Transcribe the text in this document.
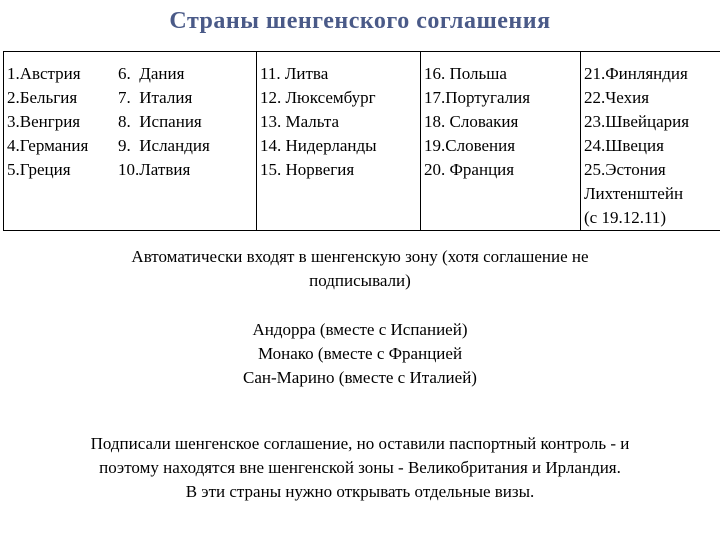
Страны шенгенского соглашения
1.Австрия
2.Бельгия
3.Венгрия
4.Германия
5.Греция

6.  Дания
7.  Италия
8.  Испания
9.  Исландия
10.Латвия

11. Литва
12. Люксембург
13. Мальта
14. Нидерланды
15. Норвегия

16. Польша
17.Португалия
18. Словакия
19.Словения
20. Франция

21.Финляндия
22.Чехия
23.Швейцария
24.Швеция
25.Эстония
Лихтенштейн
(с 19.12.11)
Автоматически входят в шенгенскую зону (хотя соглашение не подписывали)
Андорра (вместе с Испанией)
Монако (вместе с Францией
Сан-Марино (вместе с Италией)
Подписали шенгенское соглашение, но оставили паспортный контроль - и
поэтому находятся вне шенгенской зоны - Великобритания и Ирландия.
В эти страны нужно открывать отдельные визы.
